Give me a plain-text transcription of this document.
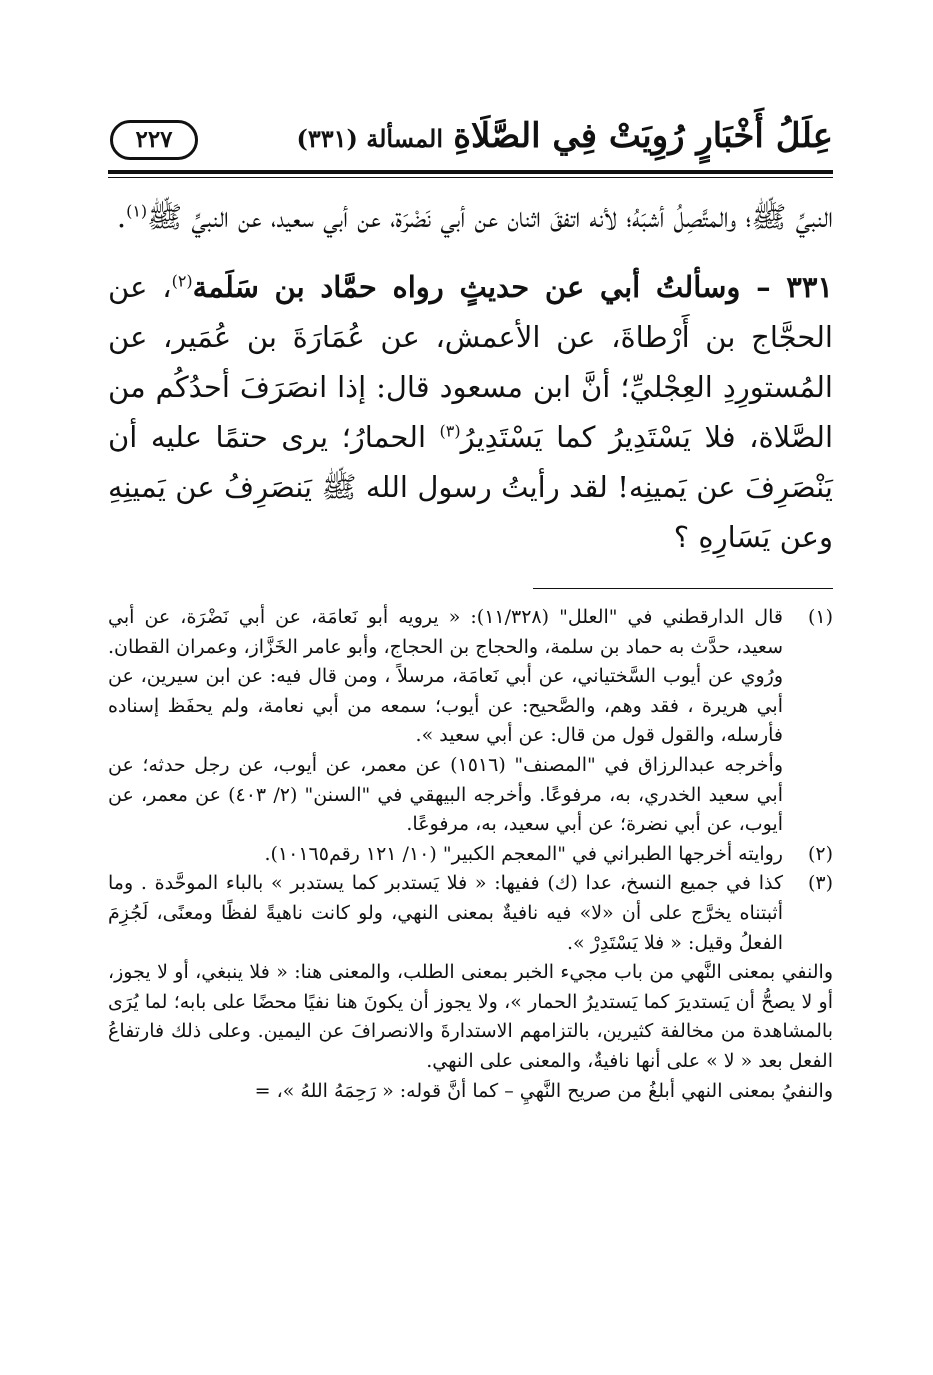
عِلَلُ أَخْبَارٍ رُوِيَتْ فِي الصَّلَاةِ
المسألة (٣٣١)
٢٢٧

النبيِّ ﷺ؛ والمتَّصِلُ أشبَهُ؛ لأنه اتفقَ اثنان عن أبي نَضْرَة، عن أبي سعيد، عن النبيِّ ﷺ$^{(١)}$.

٣٣١ – وسألتُ أبي عن حديثٍ رواه حمَّاد بن سَلَمة$^{(٢)}$، عن الحجَّاج بن أَرْطاةَ، عن الأعمش، عن عُمَارَةَ بن عُمَير، عن المُستورِدِ العِجْليِّ؛ أنَّ ابن مسعود قال: إذا انصَرَفَ أحدُكُم من الصَّلاة، فلا يَسْتَدِيرُ كما يَسْتَدِيرُ$^{(٣)}$ الحمارُ؛ يرى حتمًا عليه أن يَنْصَرِفَ عن يَمينِه! لقد رأيتُ رسول الله ﷺ يَنصَرِفُ عن يَمينِهِ وعن يَسَارِهِ ؟

(١)

قال الدارقطني في "العلل" (١١/٣٢٨): « يرويه أبو نَعامَة، عن أبي نَضْرَة، عن أبي سعيد، حدَّث به حماد بن سلمة، والحجاج بن الحجاج، وأبو عامر الخَزَّاز، وعمران القطان. ورُوي عن أيوب السَّختياني، عن أبي نَعامَة، مرسلاً ، ومن قال فيه: عن ابن سيرين، عن أبي هريرة ، فقد وهم، والصَّحيح: عن أيوب؛ سمعه من أبي نعامة، ولم يحفَظ إسناده فأرسله، والقول قول من قال: عن أبي سعيد ».

وأخرجه عبدالرزاق في "المصنف" (١٥١٦) عن معمر، عن أيوب، عن رجل حدثه؛ عن أبي سعيد الخدري، به، مرفوعًا. وأخرجه البيهقي في "السنن" (٢/ ٤٠٣) عن معمر، عن أيوب، عن أبي نضرة؛ عن أبي سعيد، به، مرفوعًا.

(٢)
روايته أخرجها الطبراني في "المعجم الكبير" (١٠/ ١٢١ رقم١٠١٦٥).
(٣)
كذا في جميع النسخ، عدا (ك) ففيها: « فلا يَستدبر كما يستدبر » بالباء الموحَّدة . وما أثبتناه يخرَّج على أن «لا» فيه نافيةٌ بمعنى النهي، ولو كانت ناهيةً لفظًا ومعنًى، لَجُزِمَ الفعلُ وقيل: « فلا يَسْتَدِرْ ».

والنفي بمعنى النَّهي من باب مجيء الخبر بمعنى الطلب، والمعنى هنا: « فلا ينبغي، أو لا يجوز، أو لا يصحُّ أن يَستديرَ كما يَستديرُ الحمار »، ولا يجوز أن يكونَ هنا نفيًا محضًا على بابه؛ لما يُرَى بالمشاهدة من مخالفة كثيرين، بالتزامهم الاستدارةَ والانصرافَ عن اليمين. وعلى ذلك فارتفاعُ الفعل بعد « لا » على أنها نافيةٌ، والمعنى على النهي.

والنفيُ بمعنى النهي أبلغُ من صريح النَّهيِ – كما أنَّ قوله: « رَحِمَهُ اللهُ »، =
